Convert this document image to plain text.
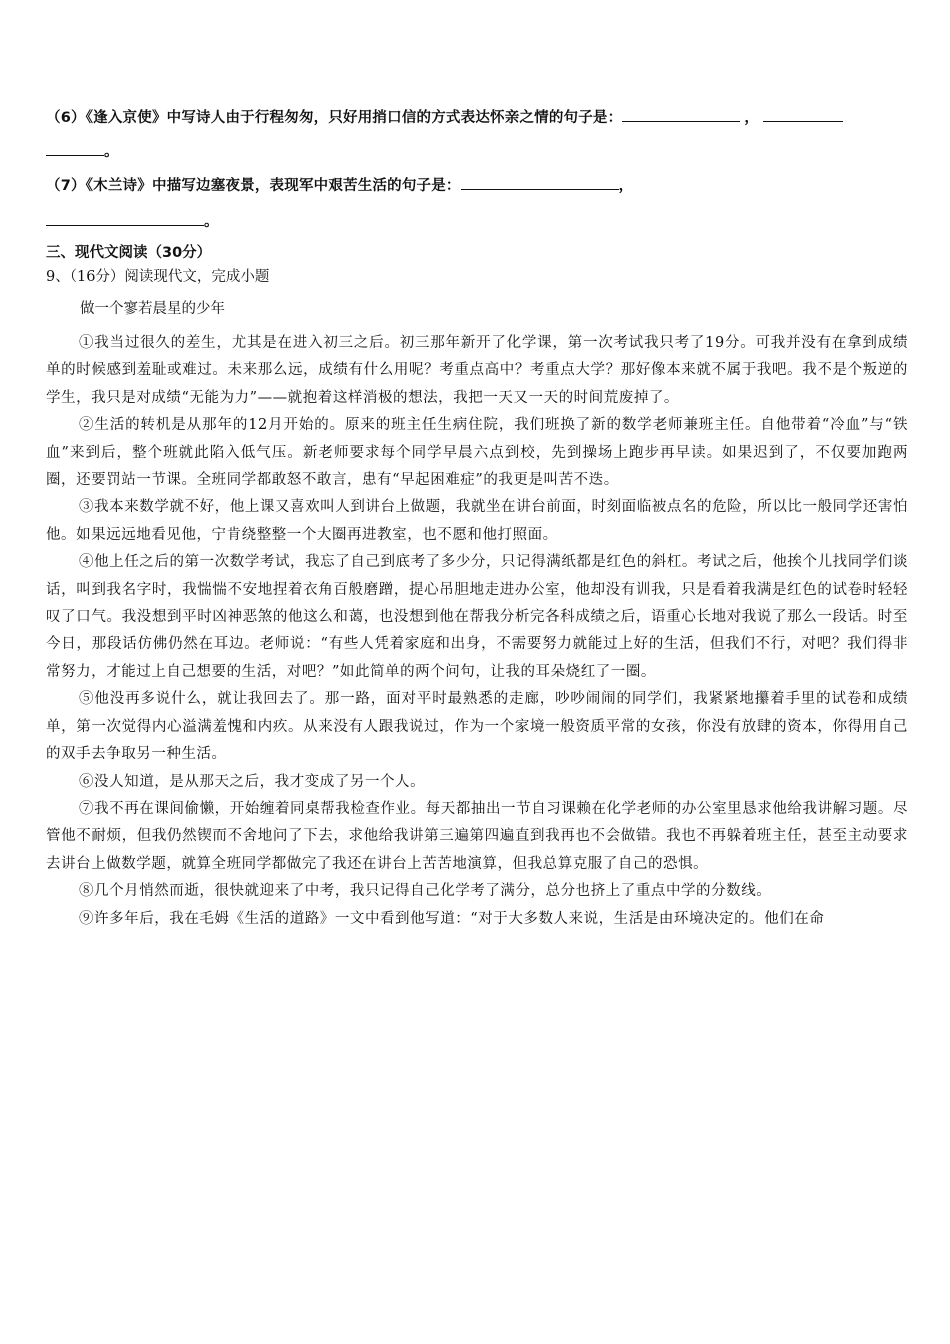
（6）《逢入京使》中写诗人由于行程匆匆，只好用捎口信的方式表达怀亲之情的句子是：	，
。
（7）《木兰诗》中描写边塞夜景，表现军中艰苦生活的句子是：	，
。
三、现代文阅读（30分）
9、（16分）阅读现代文，完成小题
做一个寥若晨星的少年

①我当过很久的差生，尤其是在进入初三之后。初三那年新开了化学课，第一次考试我只考了19分。可我并没有在拿到成绩单的时候感到羞耻或难过。未来那么远，成绩有什么用呢？考重点高中？考重点大学？那好像本来就不属于我吧。我不是个叛逆的学生，我只是对成绩“无能为力”——就抱着这样消极的想法，我把一天又一天的时间荒废掉了。

②生活的转机是从那年的12月开始的。原来的班主任生病住院，我们班换了新的数学老师兼班主任。自他带着“冷血”与“铁血”来到后，整个班就此陷入低气压。新老师要求每个同学早晨六点到校，先到操场上跑步再早读。如果迟到了，不仅要加跑两圈，还要罚站一节课。全班同学都敢怒不敢言，患有“早起困难症”的我更是叫苦不迭。

③我本来数学就不好，他上课又喜欢叫人到讲台上做题，我就坐在讲台前面，时刻面临被点名的危险，所以比一般同学还害怕他。如果远远地看见他，宁肯绕整整一个大圈再进教室，也不愿和他打照面。

④他上任之后的第一次数学考试，我忘了自己到底考了多少分，只记得满纸都是红色的斜杠。考试之后，他挨个儿找同学们谈话，叫到我名字时，我惴惴不安地捏着衣角百般磨蹭，提心吊胆地走进办公室，他却没有训我，只是看着我满是红色的试卷时轻轻叹了口气。我没想到平时凶神恶煞的他这么和蔼，也没想到他在帮我分析完各科成绩之后，语重心长地对我说了那么一段话。时至今日，那段话仿佛仍然在耳边。老师说：“有些人凭着家庭和出身，不需要努力就能过上好的生活，但我们不行，对吧？我们得非常努力，才能过上自己想要的生活，对吧？”如此简单的两个问句，让我的耳朵烧红了一圈。

⑤他没再多说什么，就让我回去了。那一路，面对平时最熟悉的走廊，吵吵闹闹的同学们，我紧紧地攥着手里的试卷和成绩单，第一次觉得内心溢满羞愧和内疚。从来没有人跟我说过，作为一个家境一般资质平常的女孩，你没有放肆的资本，你得用自己的双手去争取另一种生活。

⑥没人知道，是从那天之后，我才变成了另一个人。

⑦我不再在课间偷懒，开始缠着同桌帮我检查作业。每天都抽出一节自习课赖在化学老师的办公室里恳求他给我讲解习题。尽管他不耐烦，但我仍然锲而不舍地问了下去，求他给我讲第三遍第四遍直到我再也不会做错。我也不再躲着班主任，甚至主动要求去讲台上做数学题，就算全班同学都做完了我还在讲台上苦苦地演算，但我总算克服了自己的恐惧。

⑧几个月悄然而逝，很快就迎来了中考，我只记得自己化学考了满分，总分也挤上了重点中学的分数线。

⑨许多年后，我在毛姆《生活的道路》一文中看到他写道：“对于大多数人来说，生活是由环境决定的。他们在命
